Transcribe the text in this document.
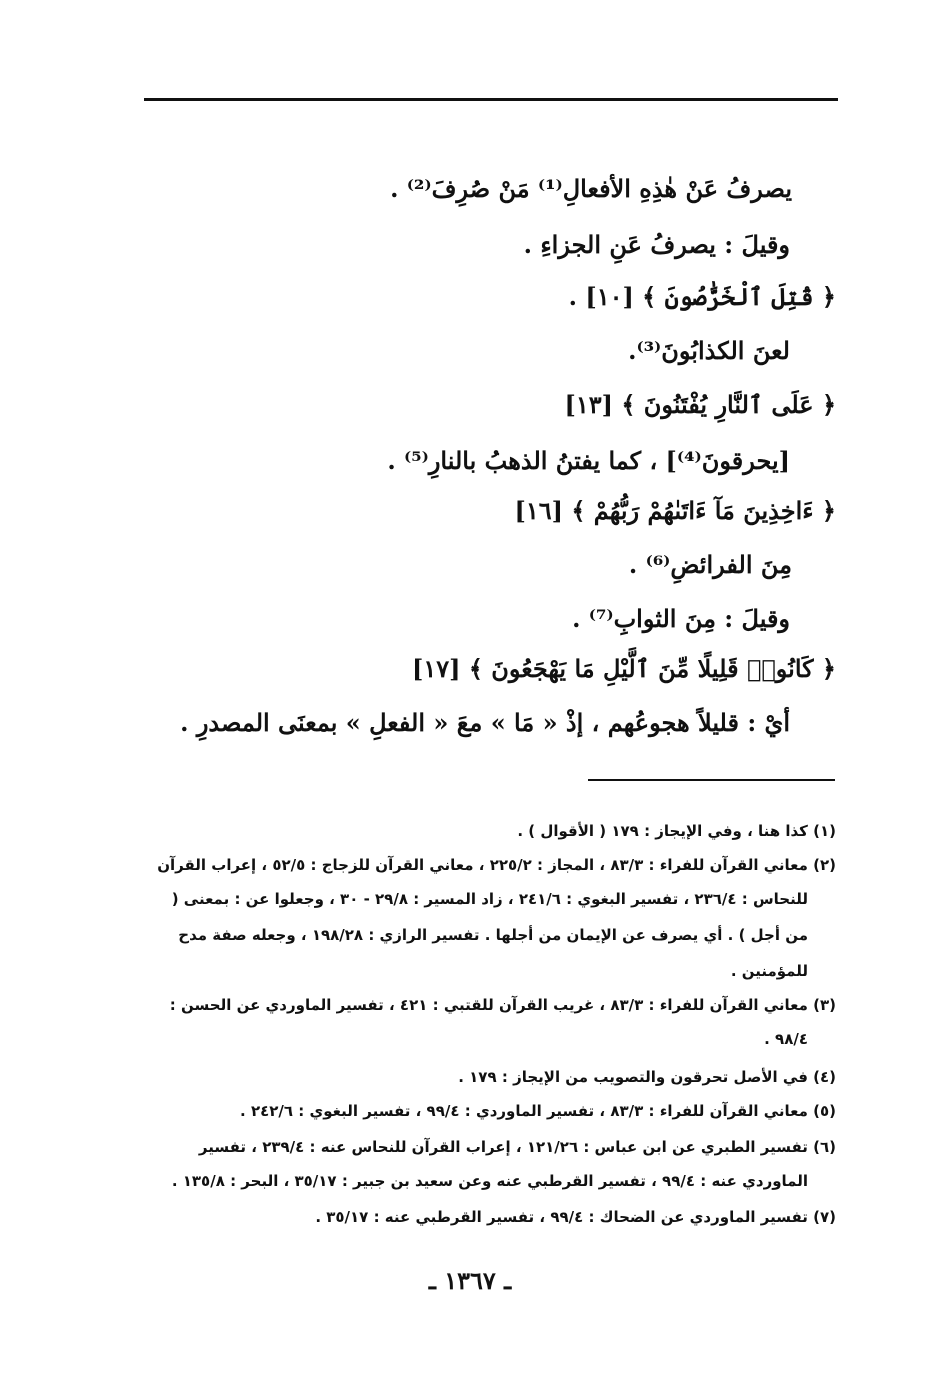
يصرفُ عَنْ هٰذِهِ الأفعالِ⁽¹⁾ مَنْ صُرِفَ⁽²⁾ .
وقيلَ : يصرفُ عَنِ الجزاءِ .
﴿ قُتِلَ ٱلْخَرَّٰصُونَ ﴾ [١٠] .
لعنَ الكذابُونَ⁽³⁾.
﴿ عَلَى ٱلنَّارِ يُفْتَنُونَ ﴾ [١٣]
[يحرقونَ⁽⁴⁾] ، كما يفتنُ الذهبُ بالنارِ⁽⁵⁾ .
﴿ ءَاخِذِينَ مَآ ءَاتَىٰهُمْ رَبُّهُمْ ﴾ [١٦]
مِنَ الفرائضِ⁽⁶⁾ .
وقيلَ : مِنَ الثوابِ⁽⁷⁾ .
﴿ كَانُوا۟ قَلِيلًا مِّنَ ٱلَّيْلِ مَا يَهْجَعُونَ ﴾ [١٧]
أيْ : قليلاً هجوعُهم ، إذْ « مَا » معَ « الفعلِ » بمعنَى المصدرِ .
(١) كذا هنا ، وفي الإيجاز : ١٧٩ ( الأقوال ) .
(٢) معاني القرآن للفراء : ٨٣/٣ ، المجاز : ٢٢٥/٢ ، معاني القرآن للزجاج : ٥٢/٥ ، إعراب القرآن
للنحاس : ٢٣٦/٤ ، تفسير البغوي : ٢٤١/٦ ، زاد المسير : ٢٩/٨ - ٣٠ ، وجعلوا عن : بمعنى (
من أجل ) . أي يصرف عن الإيمان من أجلها . تفسير الرازي : ١٩٨/٢٨ ، وجعله صفة مدح
للمؤمنين .
(٣) معاني القرآن للفراء : ٨٣/٣ ، غريب القرآن للقتبي : ٤٢١ ، تفسير الماوردي عن الحسن :
٩٨/٤ .
(٤) في الأصل تحرقون والتصويب من الإيجاز : ١٧٩ .
(٥) معاني القرآن للفراء : ٨٣/٣ ، تفسير الماوردي : ٩٩/٤ ، تفسير البغوي : ٢٤٢/٦ .
(٦) تفسير الطبري عن ابن عباس : ١٢١/٢٦ ، إعراب القرآن للنحاس عنه : ٢٣٩/٤ ، تفسير
الماوردي عنه : ٩٩/٤ ، تفسير القرطبي عنه وعن سعيد بن جبير : ٣٥/١٧ ، البحر : ١٣٥/٨ .
(٧) تفسير الماوردي عن الضحاك : ٩٩/٤ ، تفسير القرطبي عنه : ٣٥/١٧ .
ـ ١٣٦٧ ـ
